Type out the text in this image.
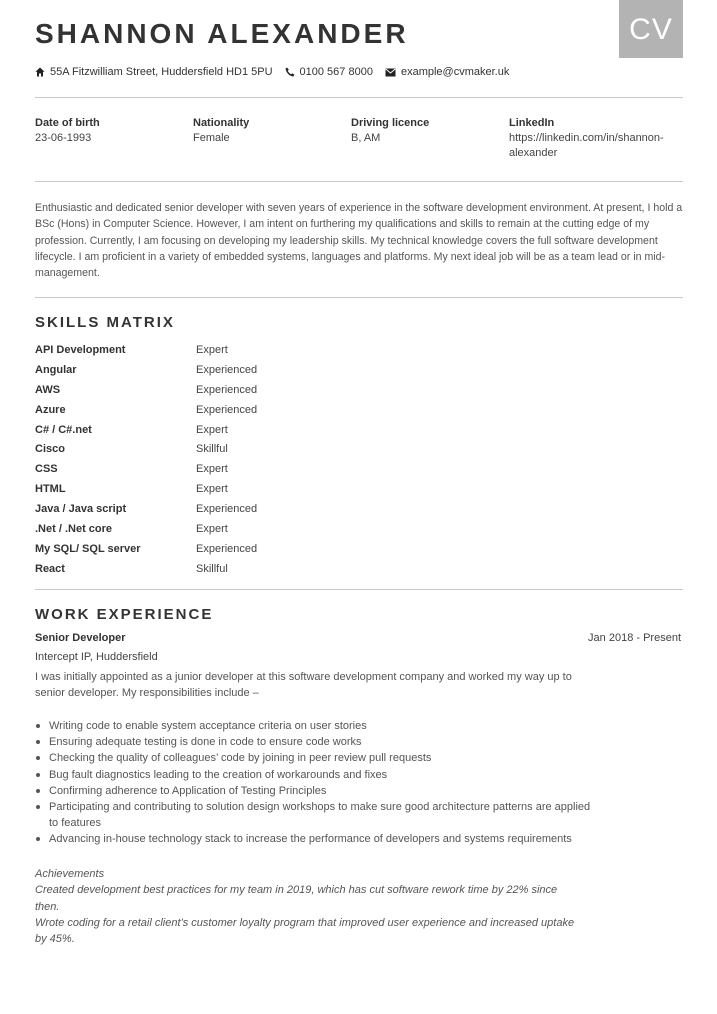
CV
SHANNON ALEXANDER
55A Fitzwilliam Street, Huddersfield HD1 5PU 0100 567 8000	example@cvmaker.uk
Date of birth
23-06-1993
Nationality
Female
Driving licence
B, AM
LinkedIn
https://linkedin.com/in/shannon-alexander

Enthusiastic and dedicated senior developer with seven years of experience in the software development environment. At present, I hold a BSc (Hons) in Computer Science. However, I am intent on furthering my qualifications and skills to remain at the cutting edge of my profession. Currently, I am focusing on developing my leadership skills. My technical knowledge covers the full software development lifecycle. I am proficient in a variety of embedded systems, languages and platforms. My next ideal job will be as a team lead or in mid-management.

SKILLS MATRIX
API Development	Expert
Angular	Experienced
AWS	Experienced
Azure	Experienced
C# / C#.net	Expert
Cisco	Skillful
CSS	Expert
HTML	Expert
Java / Java script	Experienced
.Net / .Net core	Expert
My SQL/ SQL server	Experienced
React	Skillful
WORK EXPERIENCE
Senior Developer	Jan 2018 - Present
Intercept IP, Huddersfield

I was initially appointed as a junior developer at this software development company and worked my way up to senior developer. My responsibilities include –

Writing code to enable system acceptance criteria on user stories
Ensuring adequate testing is done in code to ensure code works
Checking the quality of colleagues’ code by joining in peer review pull requests
Bug fault diagnostics leading to the creation of workarounds and fixes
Confirming adherence to Application of Testing Principles
Participating and contributing to solution design workshops to make sure good architecture patterns are applied to features
Advancing in-house technology stack to increase the performance of developers and systems requirements

Achievements

Created development best practices for my team in 2019, which has cut software rework time by 22% since then.

Wrote coding for a retail client’s customer loyalty program that improved user experience and increased uptake by 45%.
